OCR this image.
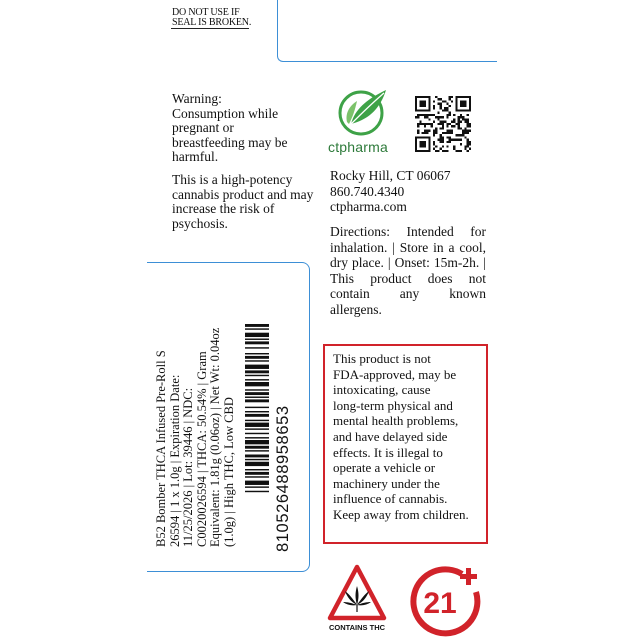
DO NOT USE IF
SEAL IS BROKEN.
Warning:
Consumption while
pregnant or
breastfeeding may be
harmful.
This is a high-potency cannabis product and may increase the risk of psychosis.
B52 Bomber THCA Infused Pre-Roll S 26594 | 1 x 1.0g | Expiration Date: 11/25/2026 | Lot: 39446 | NDC: C0020026594 | THCA: 50.54% | Gram Equivalent: 1.81g (0.06oz) | Net Wt: 0.04oz (1.0g) | High THC, Low CBD 810526488958653
ctpharma
Rocky Hill, CT 06067
860.740.4340
ctpharma.com
Directions: Intended for inhalation. | Store in a cool, dry place. | Onset: 15m-2h. | This product does not contain any known allergens.
This product is not
FDA-approved, may be
intoxicating, cause
long-term physical and
mental health problems,
and have delayed side
effects. It is illegal to
operate a vehicle or
machinery under the
influence of cannabis.
Keep away from children.
CONTAINS THC
21
